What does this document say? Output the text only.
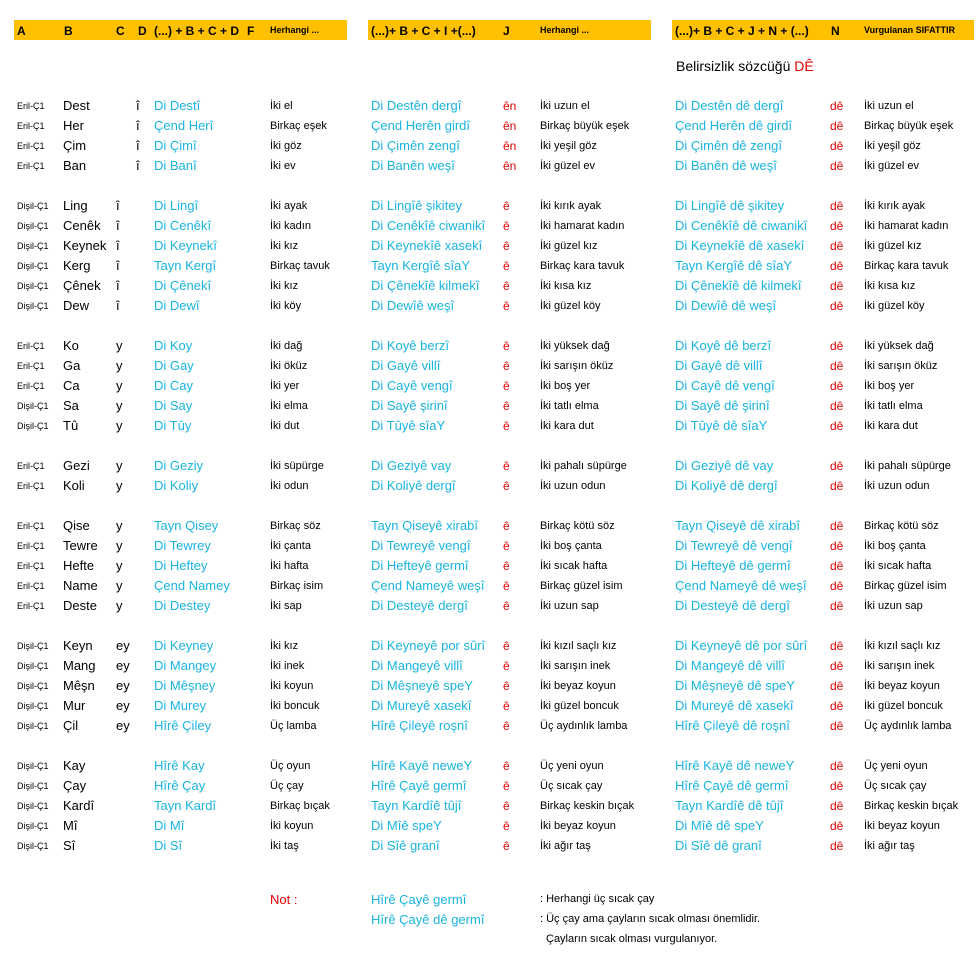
A	B	C D (...) + B + C + D F Herhangi ...	(...)+ B + C + I +(...) J	Herhangi ...	(...)+ B + C + J + N + (...) N	Vurgulanan SIFATTIR
Belirsizlik sözcüğü DÊ
Eril-Ç1 Dest	î Di Destî	İki el	Di Destên dergî	ên İki uzun el	Di Destên dê dergî	dê İki uzun el
Eril-Ç1 Her	î Çend Herî	Birkaç eşek	Çend Herên girdî	ên Birkaç büyük eşek	Çend Herên dê girdî	dê Birkaç büyük eşek
Eril-Ç1 Çim	î Di Çimî	İki göz	Di Çimên zengî	ên İki yeşil göz	Di Çimên dê zengî	dê İki yeşil göz
Eril-Ç1 Ban	î Di Banî	İki ev	Di Banên weşî	ên İki güzel ev	Di Banên dê weşî	dê İki güzel ev
Dişil-Ç1 Ling î	Di Lingî	İki ayak	Di Lingîê şikitey	ê	İki kırık ayak	Di Lingîê dê şikitey	dê İki kırık ayak
Dişil-Ç1 Cenêk î	Di Cenêkî	İki kadın	Di Cenêkîê ciwanikî ê	İki hamarat kadın	Di Cenêkîê dê ciwanikî dê İki hamarat kadın
Dişil-Ç1 Keynek î	Di Keynekî	İki kız	Di Keynekîê xasekî ê	İki güzel kız	Di Keynekîê dê xasekî dê İki güzel kız
Dişil-Ç1 Kerg î	Tayn Kergî	Birkaç tavuk	Tayn Kergîê sîaY	ê	Birkaç kara tavuk	Tayn Kergîê dê sîaY	dê Birkaç kara tavuk
Dişil-Ç1 Çênek î	Di Çênekî	İki kız	Di Çênekîê kilmekî ê	İki kısa kız	Di Çênekîê dê kilmekî dê İki kısa kız
Dişil-Ç1 Dew î	Di Dewî	İki köy	Di Dewîê weşî	ê	İki güzel köy	Di Dewîê dê weşî	dê İki güzel köy
Eril-Ç1 Ko	y Di Koy	İki dağ	Di Koyê berzî	ê	İki yüksek dağ	Di Koyê dê berzî	dê İki yüksek dağ
Eril-Ç1 Ga	y Di Gay	İki öküz	Di Gayê villî	ê	İki sarışın öküz	Di Gayê dê villî	dê İki sarışın öküz
Eril-Ç1 Ca	y Di Cay	İki yer	Di Cayê vengî	ê	İki boş yer	Di Cayê dê vengî	dê İki boş yer
Dişil-Ç1 Sa	y Di Say	İki elma	Di Sayê şirinî	ê	İki tatlı elma	Di Sayê dê şirinî	dê İki tatlı elma
Dişil-Ç1 Tû	y Di Tûy	İki dut	Di Tûyê sîaY	ê	İki kara dut	Di Tûyê dê sîaY	dê İki kara dut
Eril-Ç1 Gezi y Di Geziy	İki süpürge	Di Geziyê vay	ê	İki pahalı süpürge	Di Geziyê dê vay	dê İki pahalı süpürge
Eril-Ç1 Koli y Di Koliy	İki odun	Di Koliyê dergî	ê	İki uzun odun	Di Koliyê dê dergî	dê İki uzun odun
Eril-Ç1 Qise y Tayn Qisey	Birkaç söz	Tayn Qiseyê xirabî ê	Birkaç kötü söz	Tayn Qiseyê dê xirabî dê Birkaç kötü söz
Eril-Ç1 Tewre y Di Tewrey	İki çanta	Di Tewreyê vengî	ê	İki boş çanta	Di Tewreyê dê vengî	dê İki boş çanta
Eril-Ç1 Hefte y Di Heftey	İki hafta	Di Hefteyê germî	ê	İki sıcak hafta	Di Hefteyê dê germî	dê İki sıcak hafta
Eril-Ç1 Name y Çend Namey	Birkaç isim	Çend Nameyê weşî ê	Birkaç güzel isim	Çend Nameyê dê weşî dê Birkaç güzel isim
Eril-Ç1 Deste y Di Destey	İki sap	Di Desteyê dergî	ê	İki uzun sap	Di Desteyê dê dergî	dê İki uzun sap
Dişil-Ç1 Keyn ey Di Keyney	İki kız	Di Keyneyê por sûrî ê	İki kızıl saçlı kız	Di Keyneyê dê por sûrî dê İki kızıl saçlı kız
Dişil-Ç1 Mang ey Di Mangey	İki inek	Di Mangeyê villî	ê	İki sarışın inek	Di Mangeyê dê villî	dê İki sarışın inek
Dişil-Ç1 Mêşn ey Di Mêşney	İki koyun	Di Mêşneyê speY	ê	İki beyaz koyun	Di Mêşneyê dê speY	dê İki beyaz koyun
Dişil-Ç1 Mur ey Di Murey	İki boncuk	Di Mureyê xasekî	ê	İki güzel boncuk	Di Mureyê dê xasekî	dê İki güzel boncuk
Dişil-Ç1 Çil	ey Hîrê Çiley	Üç lamba	Hîrê Çileyê roşnî	ê	Üç aydınlık lamba	Hîrê Çileyê dê roşnî	dê Üç aydınlık lamba
Dişil-Ç1 Kay	Hîrê Kay	Üç oyun	Hîrê Kayê neweY	ê	Üç yeni oyun	Hîrê Kayê dê neweY	dê Üç yeni oyun
Dişil-Ç1 Çay	Hîrê Çay	Üç çay	Hîrê Çayê germî	ê	Üç sıcak çay	Hîrê Çayê dê germî	dê Üç sıcak çay
Dişil-Ç1 Kardî	Tayn Kardî	Birkaç bıçak	Tayn Kardîê tûjî	ê	Birkaç keskin bıçak	Tayn Kardîê dê tûjî	dê Birkaç keskin bıçak
Dişil-Ç1 Mî	Di Mî	İki koyun	Di Mîê speY	ê	İki beyaz koyun	Di Mîê dê speY	dê İki beyaz koyun
Dişil-Ç1 Sî	Di Sî	İki taş	Di Sîê granî	ê	İki ağır taş	Di Sîê dê granî	dê İki ağır taş
Not :	Hîrê Çayê germî
Hîrê Çayê dê germî
: Herhangi üç sıcak çay
: Üç çay ama çayların sıcak olması önemlidir.
Çayların sıcak olması vurgulanıyor.
